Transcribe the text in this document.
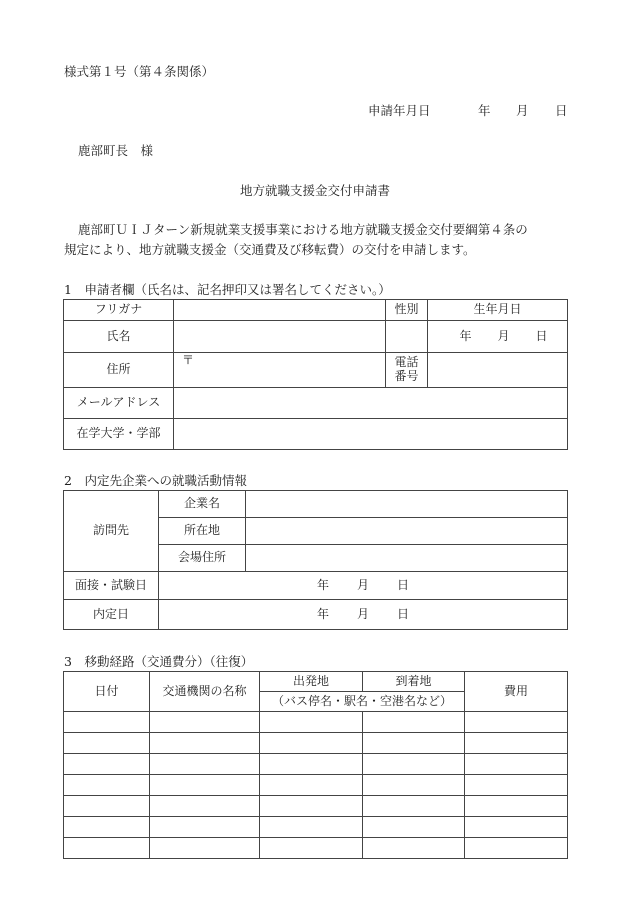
様式第１号（第４条関係）
申請年月日	年 月 日
鹿部町長　様
地方就職支援金交付申請書
鹿部町ＵＩＪターン新規就業支援事業における地方就職支援金交付要綱第４条の
規定により、地方就職支援金（交通費及び移転費）の交付を申請します。
1　申請者欄（氏名は、記名押印又は署名してください。）
フリガナ		性別	生年月日
氏名			年 月 日

住所	〒	電話
番号	

メールアドレス			
在学大学・学部			
2　内定先企業への就職活動情報
訪問先	企業名	
	所在地	
	会場住所	
面接・試験日	年 月 日	

内定日	年 月 日	
3　移動経路（交通費分）（往復）
日付	交通機関の名称	出発地	到着地	費用
		（バス停名・駅名・空港名など）		
